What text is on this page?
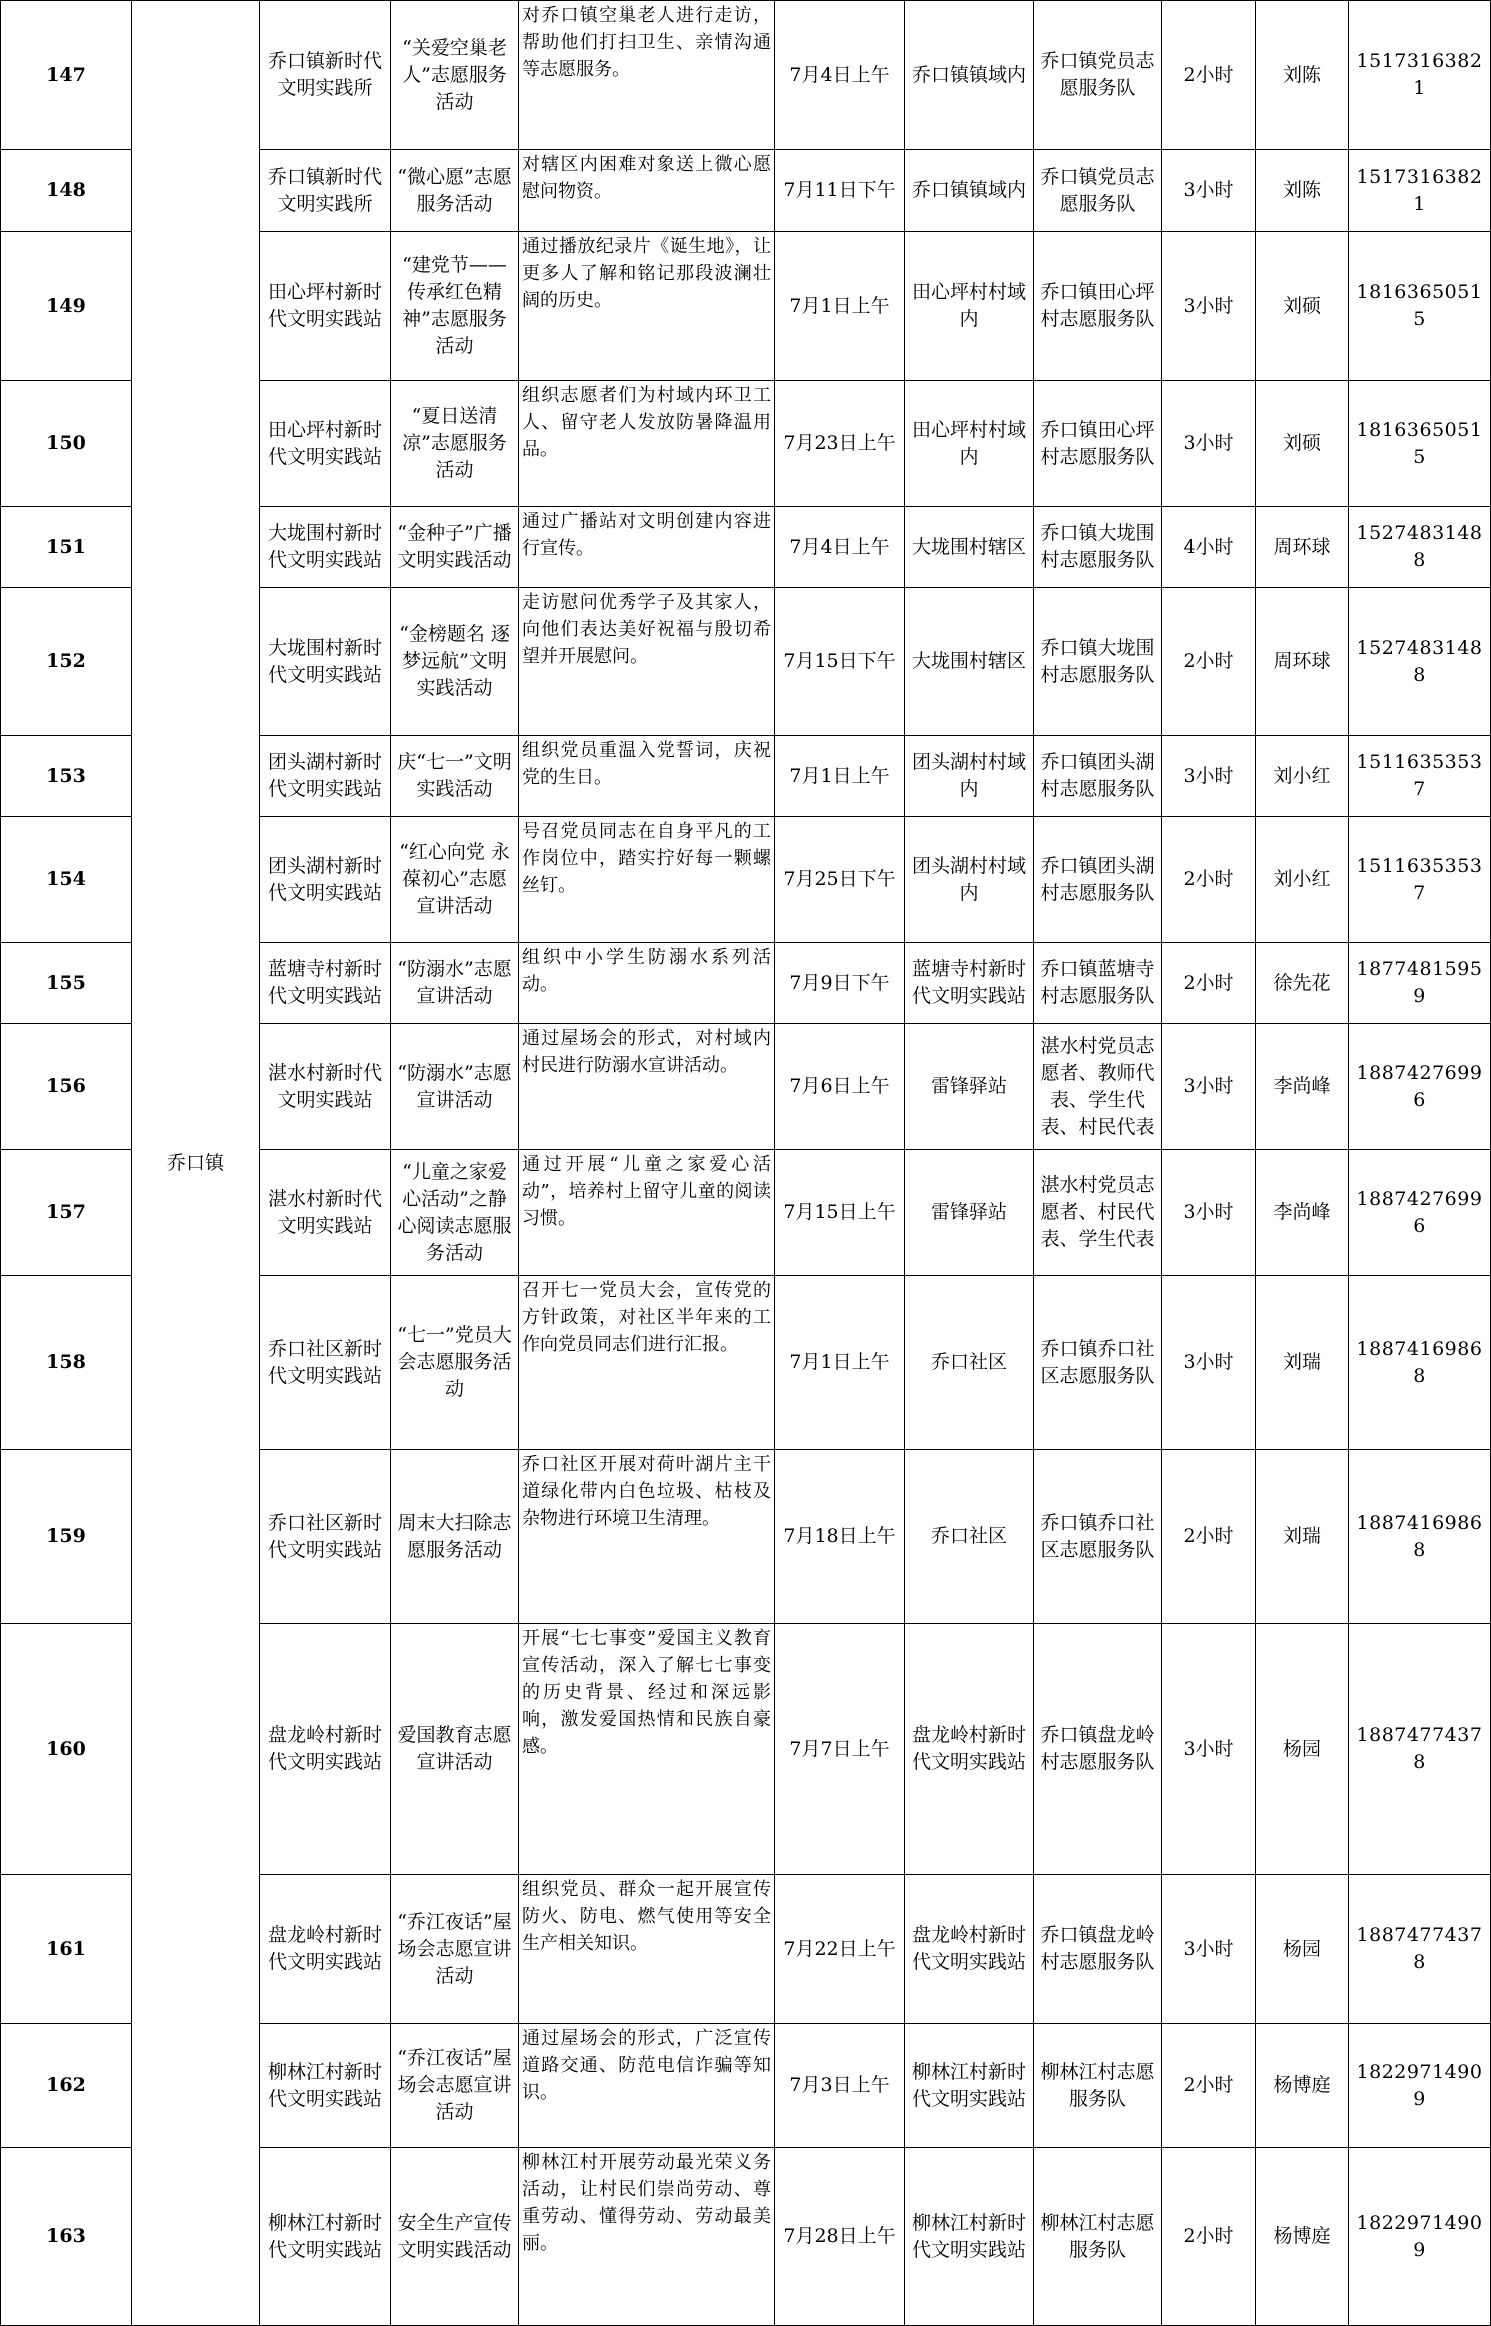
147	乔口镇	乔口镇新时代文明实践所	“关爱空巢老人”志愿服务活动	对乔口镇空巢老人进行走访，帮助他们打扫卫生、亲情沟通等志愿服务。	7月4日上午	乔口镇镇域内	乔口镇党员志愿服务队	2小时	刘陈	15173163821
148		乔口镇新时代文明实践所	“微心愿”志愿服务活动	对辖区内困难对象送上微心愿慰问物资。	7月11日下午	乔口镇镇域内	乔口镇党员志愿服务队	3小时	刘陈	15173163821
149		田心坪村新时代文明实践站	“建党节——传承红色精神”志愿服务活动	通过播放纪录片《诞生地》，让更多人了解和铭记那段波澜壮阔的历史。	7月1日上午	田心坪村村域内	乔口镇田心坪村志愿服务队	3小时	刘硕	18163650515
150		田心坪村新时代文明实践站	“夏日送清凉”志愿服务活动	组织志愿者们为村域内环卫工人、留守老人发放防暑降温用品。	7月23日上午	田心坪村村域内	乔口镇田心坪村志愿服务队	3小时	刘硕	18163650515
151		大垅围村新时代文明实践站	“金种子”广播文明实践活动	通过广播站对文明创建内容进行宣传。	7月4日上午	大垅围村辖区	乔口镇大垅围村志愿服务队	4小时	周环球	15274831488
152		大垅围村新时代文明实践站	“金榜题名 逐梦远航”文明实践活动	走访慰问优秀学子及其家人，向他们表达美好祝福与殷切希望并开展慰问。	7月15日下午	大垅围村辖区	乔口镇大垅围村志愿服务队	2小时	周环球	15274831488
153		团头湖村新时代文明实践站	庆“七一”文明实践活动	组织党员重温入党誓词，庆祝党的生日。	7月1日上午	团头湖村村域内	乔口镇团头湖村志愿服务队	3小时	刘小红	15116353537
154		团头湖村新时代文明实践站	“红心向党 永葆初心”志愿宣讲活动	号召党员同志在自身平凡的工作岗位中，踏实拧好每一颗螺丝钉。	7月25日下午	团头湖村村域内	乔口镇团头湖村志愿服务队	2小时	刘小红	15116353537
155		蓝塘寺村新时代文明实践站	“防溺水”志愿宣讲活动	组织中小学生防溺水系列活动。	7月9日下午	蓝塘寺村新时代文明实践站	乔口镇蓝塘寺村志愿服务队	2小时	徐先花	18774815959
156		湛水村新时代文明实践站	“防溺水”志愿宣讲活动	通过屋场会的形式，对村域内村民进行防溺水宣讲活动。	7月6日上午	雷锋驿站	湛水村党员志愿者、教师代表、学生代表、村民代表	3小时	李尚峰	18874276996
157		湛水村新时代文明实践站	“儿童之家爱心活动”之静心阅读志愿服务活动	通过开展“儿童之家爱心活动”，培养村上留守儿童的阅读习惯。	7月15日上午	雷锋驿站	湛水村党员志愿者、村民代表、学生代表	3小时	李尚峰	18874276996
158		乔口社区新时代文明实践站	“七一”党员大会志愿服务活动	召开七一党员大会，宣传党的方针政策，对社区半年来的工作向党员同志们进行汇报。	7月1日上午	乔口社区	乔口镇乔口社区志愿服务队	3小时	刘瑞	18874169868
159		乔口社区新时代文明实践站	周末大扫除志愿服务活动	乔口社区开展对荷叶湖片主干道绿化带内白色垃圾、枯枝及杂物进行环境卫生清理。	7月18日上午	乔口社区	乔口镇乔口社区志愿服务队	2小时	刘瑞	18874169868
160		盘龙岭村新时代文明实践站	爱国教育志愿宣讲活动	开展“七七事变”爱国主义教育宣传活动，深入了解七七事变的历史背景、经过和深远影响，激发爱国热情和民族自豪感。	7月7日上午	盘龙岭村新时代文明实践站	乔口镇盘龙岭村志愿服务队	3小时	杨园	18874774378
161		盘龙岭村新时代文明实践站	“乔江夜话”屋场会志愿宣讲活动	组织党员、群众一起开展宣传防火、防电、燃气使用等安全生产相关知识。	7月22日上午	盘龙岭村新时代文明实践站	乔口镇盘龙岭村志愿服务队	3小时	杨园	18874774378
162		柳林江村新时代文明实践站	“乔江夜话”屋场会志愿宣讲活动	通过屋场会的形式，广泛宣传道路交通、防范电信诈骗等知识。	7月3日上午	柳林江村新时代文明实践站	柳林江村志愿服务队	2小时	杨博庭	18229714909
163		柳林江村新时代文明实践站	安全生产宣传文明实践活动	柳林江村开展劳动最光荣义务活动，让村民们崇尚劳动、尊重劳动、懂得劳动、劳动最美丽。	7月28日上午	柳林江村新时代文明实践站	柳林江村志愿服务队	2小时	杨博庭	18229714909
